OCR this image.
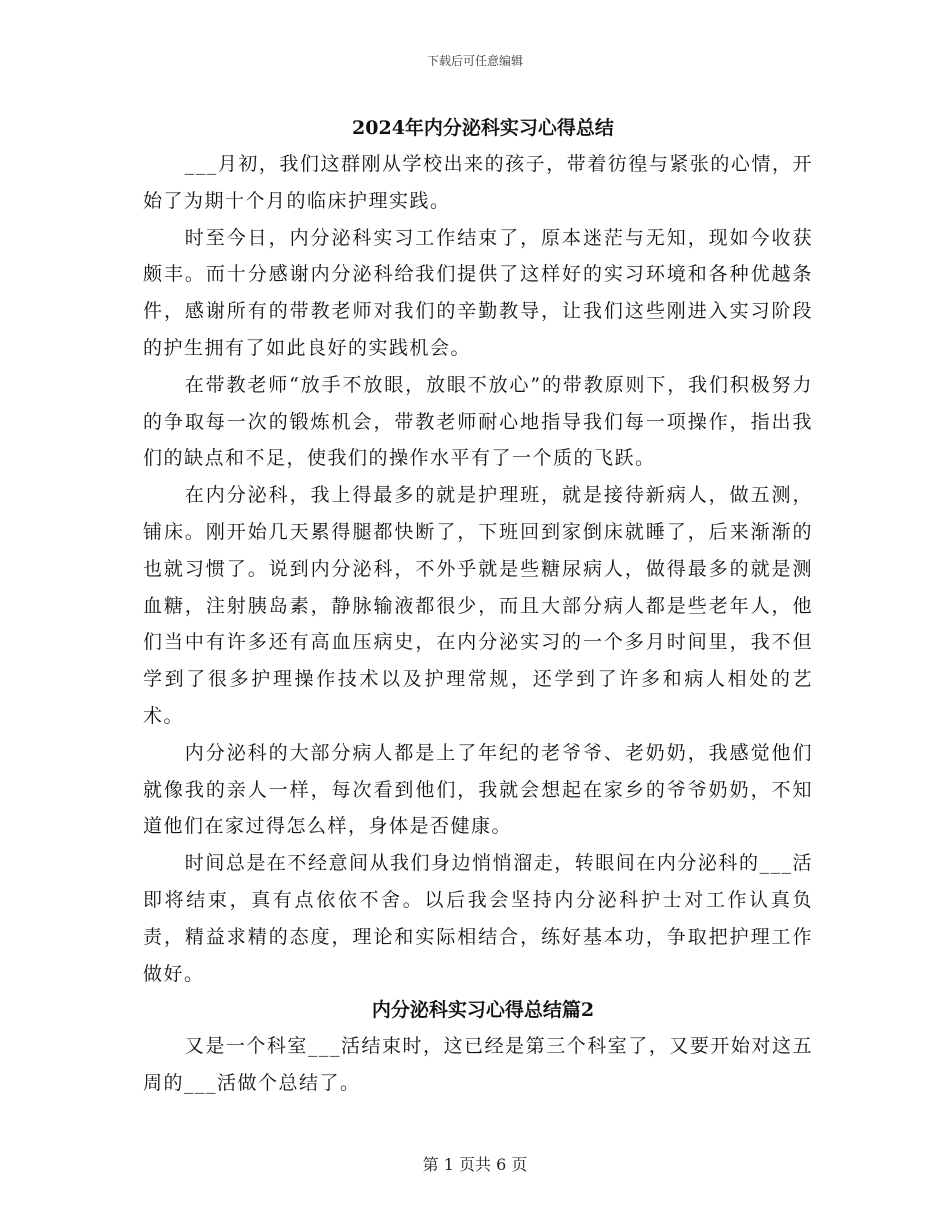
下载后可任意编辑

2024年内分泌科实习心得总结

___月初，我们这群刚从学校出来的孩子，带着彷徨与紧张的心情，开始了为期十个月的临床护理实践。

时至今日，内分泌科实习工作结束了，原本迷茫与无知，现如今收获颇丰。而十分感谢内分泌科给我们提供了这样好的实习环境和各种优越条件，感谢所有的带教老师对我们的辛勤教导，让我们这些刚进入实习阶段的护生拥有了如此良好的实践机会。

在带教老师“放手不放眼，放眼不放心”的带教原则下，我们积极努力的争取每一次的锻炼机会，带教老师耐心地指导我们每一项操作，指出我们的缺点和不足，使我们的操作水平有了一个质的飞跃。

在内分泌科，我上得最多的就是护理班，就是接待新病人，做五测，铺床。刚开始几天累得腿都快断了，下班回到家倒床就睡了，后来渐渐的也就习惯了。说到内分泌科，不外乎就是些糖尿病人，做得最多的就是测血糖，注射胰岛素，静脉输液都很少，而且大部分病人都是些老年人，他们当中有许多还有高血压病史，在内分泌实习的一个多月时间里，我不但学到了很多护理操作技术以及护理常规，还学到了许多和病人相处的艺术。

内分泌科的大部分病人都是上了年纪的老爷爷、老奶奶，我感觉他们就像我的亲人一样，每次看到他们，我就会想起在家乡的爷爷奶奶，不知道他们在家过得怎么样，身体是否健康。

时间总是在不经意间从我们身边悄悄溜走，转眼间在内分泌科的___活即将结束，真有点依依不舍。以后我会坚持内分泌科护士对工作认真负责，精益求精的态度，理论和实际相结合，练好基本功，争取把护理工作做好。

内分泌科实习心得总结篇2

又是一个科室___活结束时，这已经是第三个科室了，又要开始对这五周的___活做个总结了。

第 1 页共 6 页
